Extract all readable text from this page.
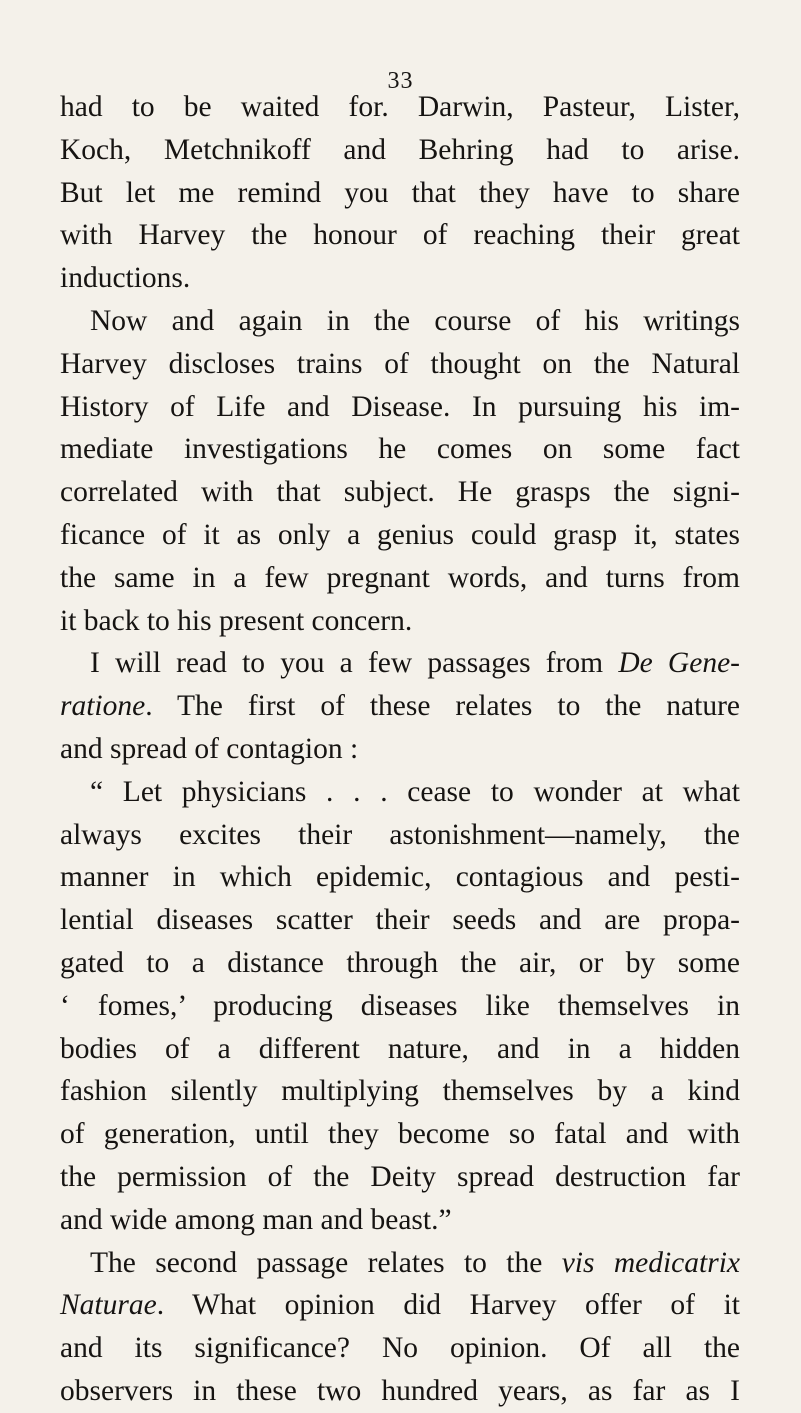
33
had to be waited for. Darwin, Pasteur, Lister,
Koch, Metchnikoff and Behring had to arise.
But let me remind you that they have to share
with Harvey the honour of reaching their great
inductions.
Now and again in the course of his writings
Harvey discloses trains of thought on the Natural
History of Life and Disease. In pursuing his im-
mediate investigations he comes on some fact
correlated with that subject. He grasps the signi-
ficance of it as only a genius could grasp it, states
the same in a few pregnant words, and turns from
it back to his present concern.
I will read to you a few passages from De Gene-
ratione. The first of these relates to the nature
and spread of contagion :
“ Let physicians . . . cease to wonder at what
always excites their astonishment—namely, the
manner in which epidemic, contagious and pesti-
lential diseases scatter their seeds and are propa-
gated to a distance through the air, or by some
‘ fomes,’ producing diseases like themselves in
bodies of a different nature, and in a hidden
fashion silently multiplying themselves by a kind
of generation, until they become so fatal and with
the permission of the Deity spread destruction far
and wide among man and beast.”
The second passage relates to the vis medicatrix
Naturae. What opinion did Harvey offer of it
and its significance? No opinion. Of all the
observers in these two hundred years, as far as I
